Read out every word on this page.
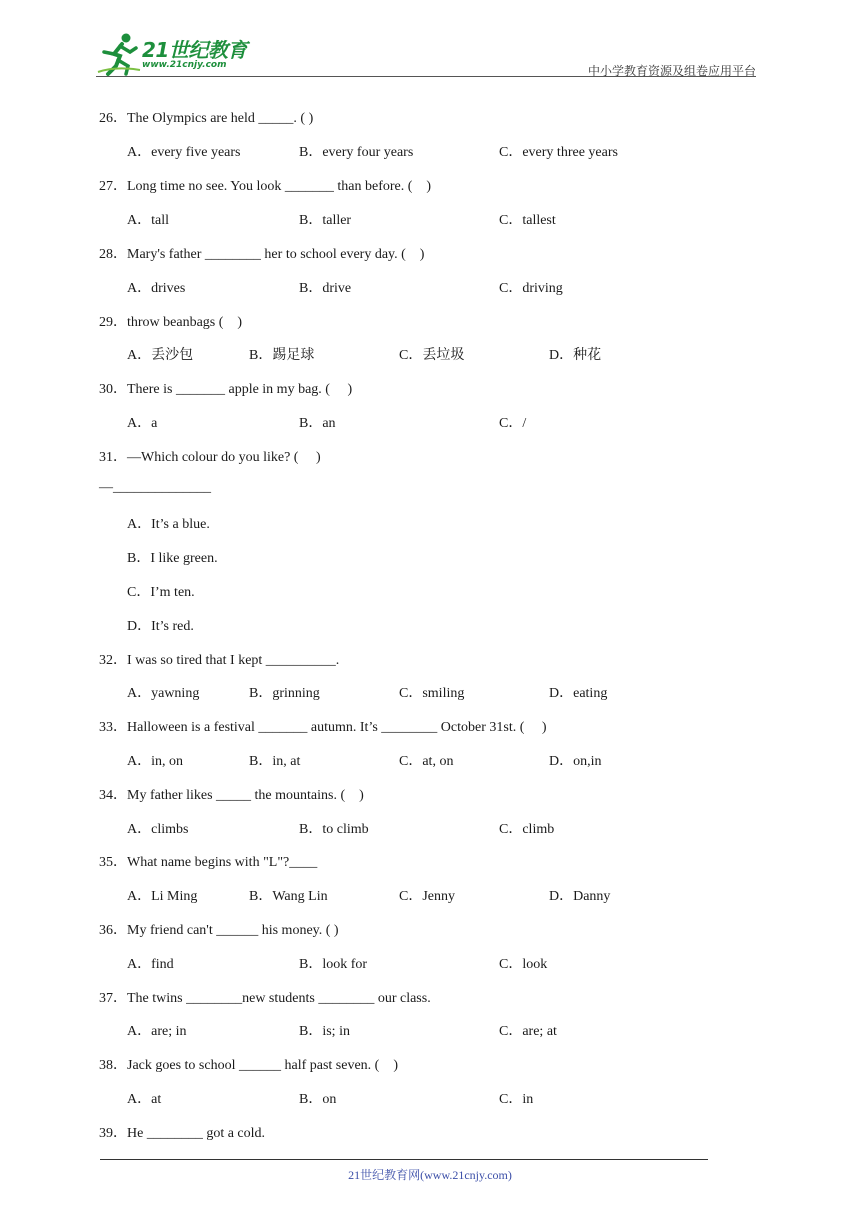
21世纪教育
www.21cnjy.com	中小学教育资源及组卷应用平台
26．The Olympics are held _____. ( )
A．every five years	B．every four years	C．every three years
27．Long time no see. You look _______ than before. (　)
A．tall	B．taller	C．tallest
28．Mary's father ________ her to school every day. (　)
A．drives	B．drive	C．driving
29．throw beanbags (　)
A．丢沙包	B．踢足球	C．丢垃圾	D．种花
30．There is _______ apple in my bag. (　 )
A．a	B．an	C．/
31．—Which colour do you like? (　 )
—______________
A．It’s a blue.
B．I like green.
C．I’m ten.
D．It’s red.
32．I was so tired that I kept __________.
A．yawning	B．grinning	C．smiling	D．eating
33．Halloween is a festival _______ autumn. It’s ________ October 31st. (　 )
A．in, on	B．in, at	C．at, on	D．on,in
34．My father likes _____ the mountains. (　)
A．climbs	B．to climb	C．climb
35．What name begins with "L"?____
A．Li Ming	B．Wang Lin	C．Jenny	D．Danny
36．My friend can't ______ his money. ( )
A．find	B．look for	C．look
37．The twins ________new students ________ our class.
A．are; in	B．is; in	C．are; at
38．Jack goes to school ______ half past seven. (　)
A．at	B．on	C．in
39．He ________ got a cold.
21世纪教育网(www.21cnjy.com)
